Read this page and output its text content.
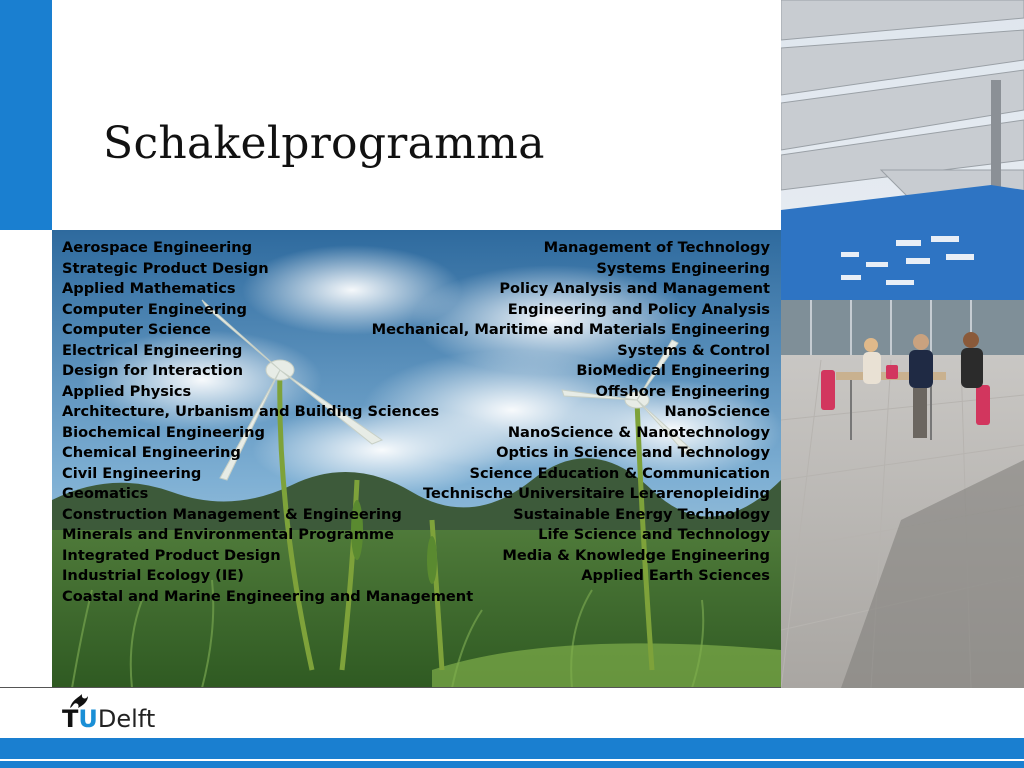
Schakelprogramma
Aerospace Engineering
Strategic Product Design
Applied Mathematics
Computer Engineering
Computer Science
Electrical Engineering
Design for Interaction
Applied Physics
Architecture, Urbanism and Building Sciences
Biochemical Engineering
Chemical Engineering
Civil Engineering
Geomatics
Construction Management & Engineering
Minerals and Environmental Programme
Integrated Product Design
Industrial Ecology (IE)
Coastal and Marine Engineering and Management
Management of Technology
Systems Engineering
Policy Analysis and Management
Engineering and Policy Analysis
Mechanical, Maritime and Materials Engineering
Systems & Control
BioMedical Engineering
Offshore Engineering
NanoScience
NanoScience & Nanotechnology
Optics in Science and Technology
Science Education & Communication
Technische Universitaire Lerarenopleiding
Sustainable Energy Technology
Life Science and Technology
Media & Knowledge Engineering
Applied Earth Sciences
TUDelft
